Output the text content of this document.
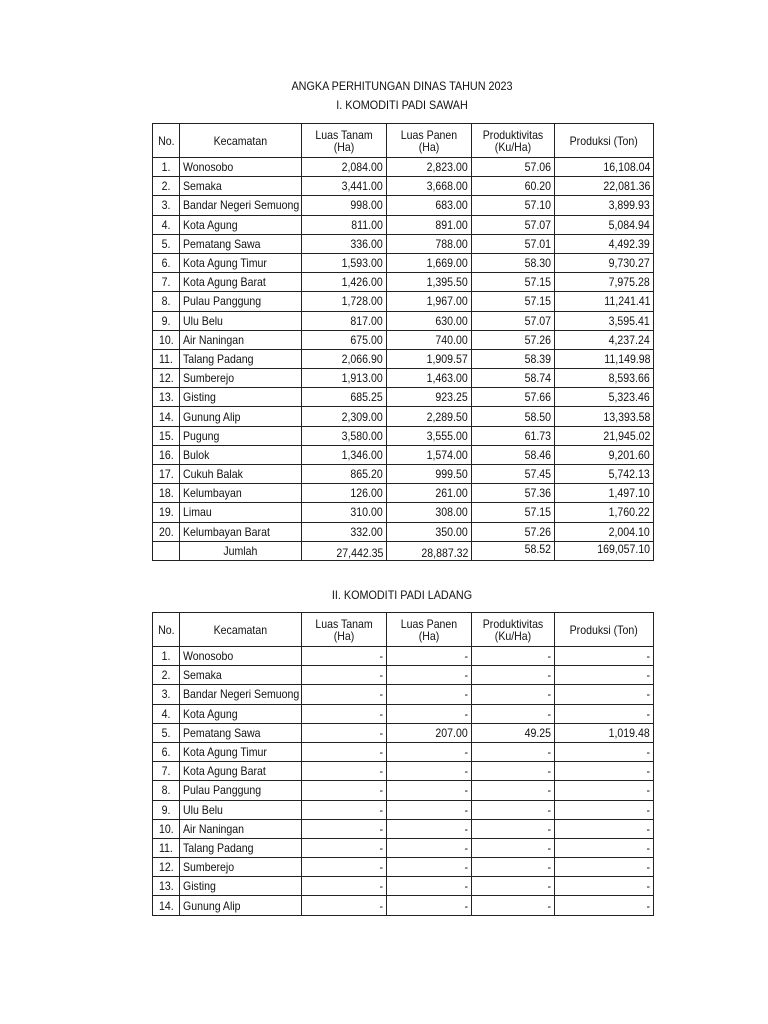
ANGKA PERHITUNGAN DINAS TAHUN 2023
I. KOMODITI PADI SAWAH
No.	Kecamatan	Luas Tanam (Ha)	Luas Panen (Ha)	Produktivitas (Ku/Ha)	Produksi (Ton)
1.	Wonosobo	2,084.00	2,823.00	57.06	16,108.04
2.	Semaka	3,441.00	3,668.00	60.20	22,081.36
3.	Bandar Negeri Semuong	998.00	683.00	57.10	3,899.93
4.	Kota Agung	811.00	891.00	57.07	5,084.94
5.	Pematang Sawa	336.00	788.00	57.01	4,492.39
6.	Kota Agung Timur	1,593.00	1,669.00	58.30	9,730.27
7.	Kota Agung Barat	1,426.00	1,395.50	57.15	7,975.28
8.	Pulau Panggung	1,728.00	1,967.00	57.15	11,241.41
9.	Ulu Belu	817.00	630.00	57.07	3,595.41
10.	Air Naningan	675.00	740.00	57.26	4,237.24
11.	Talang Padang	2,066.90	1,909.57	58.39	11,149.98
12.	Sumberejo	1,913.00	1,463.00	58.74	8,593.66
13.	Gisting	685.25	923.25	57.66	5,323.46
14.	Gunung Alip	2,309.00	2,289.50	58.50	13,393.58
15.	Pugung	3,580.00	3,555.00	61.73	21,945.02
16.	Bulok	1,346.00	1,574.00	58.46	9,201.60
17.	Cukuh Balak	865.20	999.50	57.45	5,742.13
18.	Kelumbayan	126.00	261.00	57.36	1,497.10
19.	Limau	310.00	308.00	57.15	1,760.22
20.	Kelumbayan Barat	332.00	350.00	57.26	2,004.10
	Jumlah	27,442.35	28,887.32	58.52	169,057.10
II. KOMODITI PADI LADANG
No.	Kecamatan	Luas Tanam (Ha)	Luas Panen (Ha)	Produktivitas (Ku/Ha)	Produksi (Ton)
1.	Wonosobo	-	-	-	-
2.	Semaka	-	-	-	-
3.	Bandar Negeri Semuong	-	-	-	-
4.	Kota Agung	-	-	-	-
5.	Pematang Sawa	-	207.00	49.25	1,019.48
6.	Kota Agung Timur	-	-	-	-
7.	Kota Agung Barat	-	-	-	-
8.	Pulau Panggung	-	-	-	-
9.	Ulu Belu	-	-	-	-
10.	Air Naningan	-	-	-	-
11.	Talang Padang	-	-	-	-
12.	Sumberejo	-	-	-	-
13.	Gisting	-	-	-	-
14.	Gunung Alip	-	-	-	-
